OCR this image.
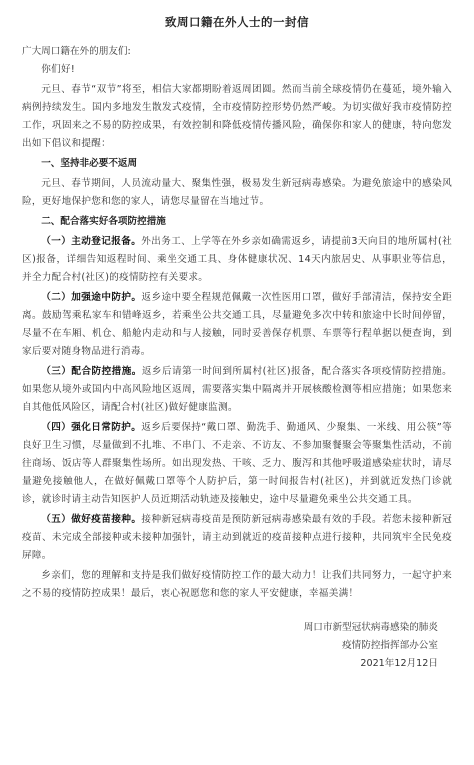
致周口籍在外人士的一封信

广大周口籍在外的朋友们:

你们好!

元旦、春节“双节”将至，相信大家都期盼着返周团圆。然而当前全球疫情仍在蔓延，境外输入病例持续发生。国内多地发生散发式疫情，全市疫情防控形势仍然严峻。为切实做好我市疫情防控工作，巩固来之不易的防控成果，有效控制和降低疫情传播风险，确保你和家人的健康，特向您发出如下倡议和提醒：

一、坚持非必要不返周

元旦、春节期间，人员流动量大、聚集性强，极易发生新冠病毒感染。为避免旅途中的感染风险，更好地保护您和您的家人，请您尽量留在当地过节。

二、配合落实好各项防控措施

（一）主动登记报备。外出务工、上学等在外乡亲如确需返乡，请提前3天向目的地所属村(社区)报备，详细告知返程时间、乘坐交通工具、身体健康状况、14天内旅居史、从事职业等信息，并全力配合村(社区)的疫情防控有关要求。

（二）加强途中防护。返乡途中要全程规范佩戴一次性医用口罩，做好手部清洁，保持安全距离。鼓励驾乘私家车和错峰返乡，若乘坐公共交通工具，尽量避免多次中转和旅途中长时间停留，尽量不在车厢、机仓、船舱内走动和与人接触，同时妥善保存机票、车票等行程单据以便查询，到家后要对随身物品进行消毒。

（三）配合防控措施。返乡后请第一时间到所属村(社区)报备，配合落实各项疫情防控措施。如果您从境外或国内中高风险地区返周，需要落实集中隔离并开展核酸检测等相应措施；如果您来自其他低风险区，请配合村(社区)做好健康监测。

（四）强化日常防护。返乡后要保持“戴口罩、勤洗手、勤通风、少聚集、一米线、用公筷”等良好卫生习惯，尽量做到不扎堆、不串门、不走亲、不访友、不参加聚餐聚会等聚集性活动，不前往商场、饭店等人群聚集性场所。如出现发热、干咳、乏力、腹泻和其他呼吸道感染症状时，请尽量避免接触他人，在做好佩戴口罩等个人防护后，第一时间报告村(社区)，并到就近发热门诊就诊，就诊时请主动告知医护人员近期活动轨迹及接触史，途中尽量避免乘坐公共交通工具。

（五）做好疫苗接种。接种新冠病毒疫苗是预防新冠病毒感染最有效的手段。若您未接种新冠疫苗、未完成全部接种或未接种加强针，请主动到就近的疫苗接种点进行接种，共同筑牢全民免疫屏障。

乡亲们，您的理解和支持是我们做好疫情防控工作的最大动力！让我们共同努力，一起守护来之不易的疫情防控成果！最后，衷心祝愿您和您的家人平安健康，幸福美满！

周口市新型冠状病毒感染的肺炎

疫情防控指挥部办公室

2021年12月12日
